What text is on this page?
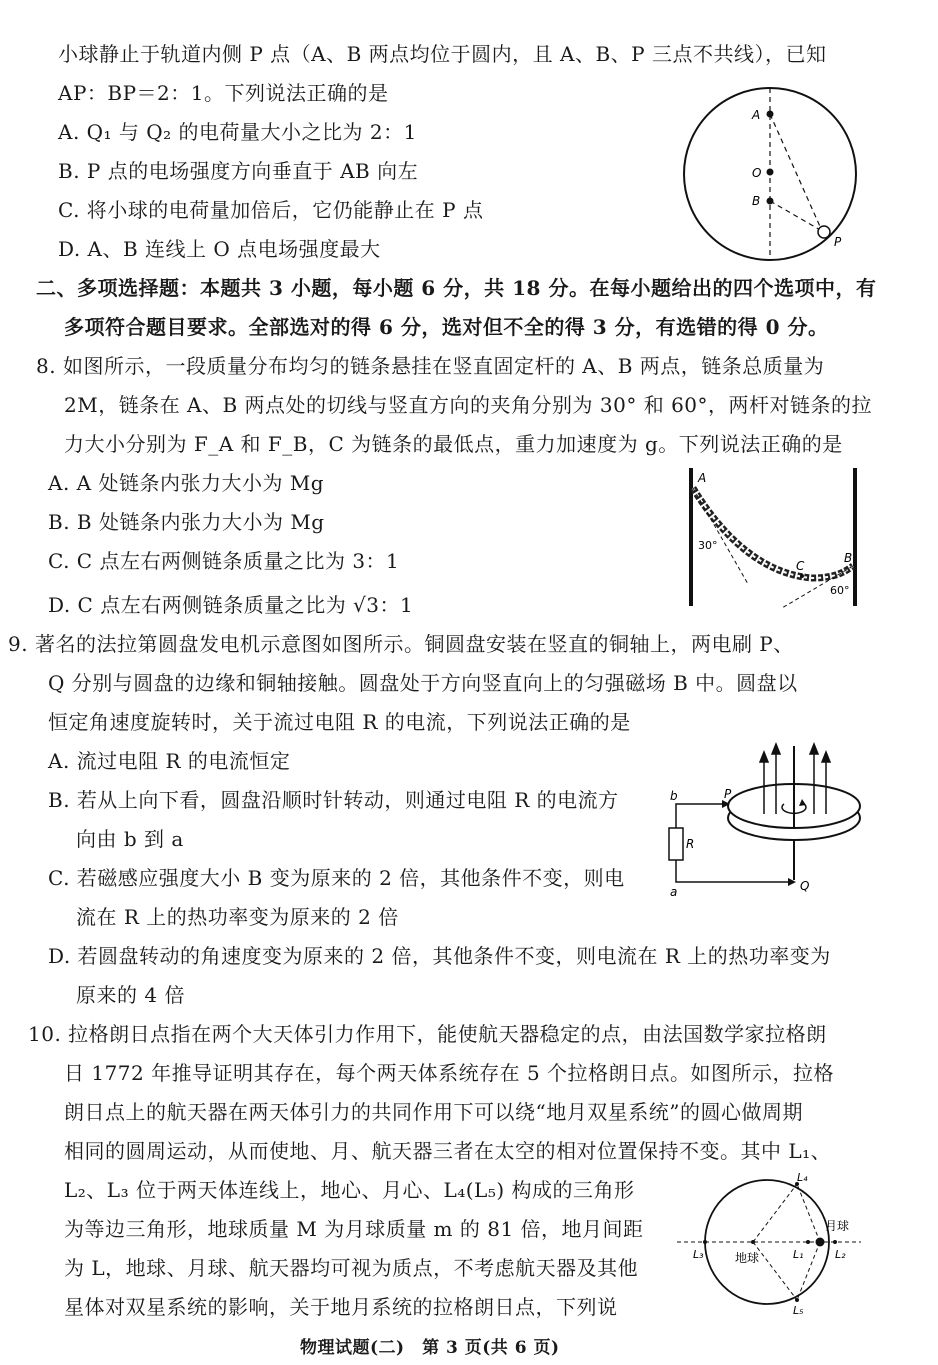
小球静止于轨道内侧 P 点（A、B 两点均位于圆内，且 A、B、P 三点不共线），已知
AP：BP＝2：1。下列说法正确的是
A. Q₁ 与 Q₂ 的电荷量大小之比为 2：1
B. P 点的电场强度方向垂直于 AB 向左
C. 将小球的电荷量加倍后，它仍能静止在 P 点
D. A、B 连线上 O 点电场强度最大
A
O
B
P
二、多项选择题：本题共 3 小题，每小题 6 分，共 18 分。在每小题给出的四个选项中，有
多项符合题目要求。全部选对的得 6 分，选对但不全的得 3 分，有选错的得 0 分。
8. 如图所示，一段质量分布均匀的链条悬挂在竖直固定杆的 A、B 两点，链条总质量为
2M，链条在 A、B 两点处的切线与竖直方向的夹角分别为 30° 和 60°，两杆对链条的拉
力大小分别为 F_A 和 F_B，C 为链条的最低点，重力加速度为 g。下列说法正确的是
A. A 处链条内张力大小为 Mg
B. B 处链条内张力大小为 Mg
C. C 点左右两侧链条质量之比为 3：1
D. C 点左右两侧链条质量之比为 √3：1
A
B
C
30°
60°
9. 著名的法拉第圆盘发电机示意图如图所示。铜圆盘安装在竖直的铜轴上，两电刷 P、
Q 分别与圆盘的边缘和铜轴接触。圆盘处于方向竖直向上的匀强磁场 B 中。圆盘以
恒定角速度旋转时，关于流过电阻 R 的电流，下列说法正确的是
A. 流过电阻 R 的电流恒定
B. 若从上向下看，圆盘沿顺时针转动，则通过电阻 R 的电流方
向由 b 到 a
C. 若磁感应强度大小 B 变为原来的 2 倍，其他条件不变，则电
流在 R 上的热功率变为原来的 2 倍
D. 若圆盘转动的角速度变为原来的 2 倍，其他条件不变，则电流在 R 上的热功率变为
原来的 4 倍
b
a
P
Q
R
10. 拉格朗日点指在两个大天体引力作用下，能使航天器稳定的点，由法国数学家拉格朗
日 1772 年推导证明其存在，每个两天体系统存在 5 个拉格朗日点。如图所示，拉格
朗日点上的航天器在两天体引力的共同作用下可以绕“地月双星系统”的圆心做周期
相同的圆周运动，从而使地、月、航天器三者在太空的相对位置保持不变。其中 L₁、
L₂、L₃ 位于两天体连线上，地心、月心、L₄(L₅) 构成的三角形
为等边三角形，地球质量 M 为月球质量 m 的 81 倍，地月间距
为 L，地球、月球、航天器均可视为质点，不考虑航天器及其他
星体对双星系统的影响，关于地月系统的拉格朗日点，下列说
L₃	L₁	L₂
L₄
L₅
月球
地球
物理试题(二)　第 3 页(共 6 页)
